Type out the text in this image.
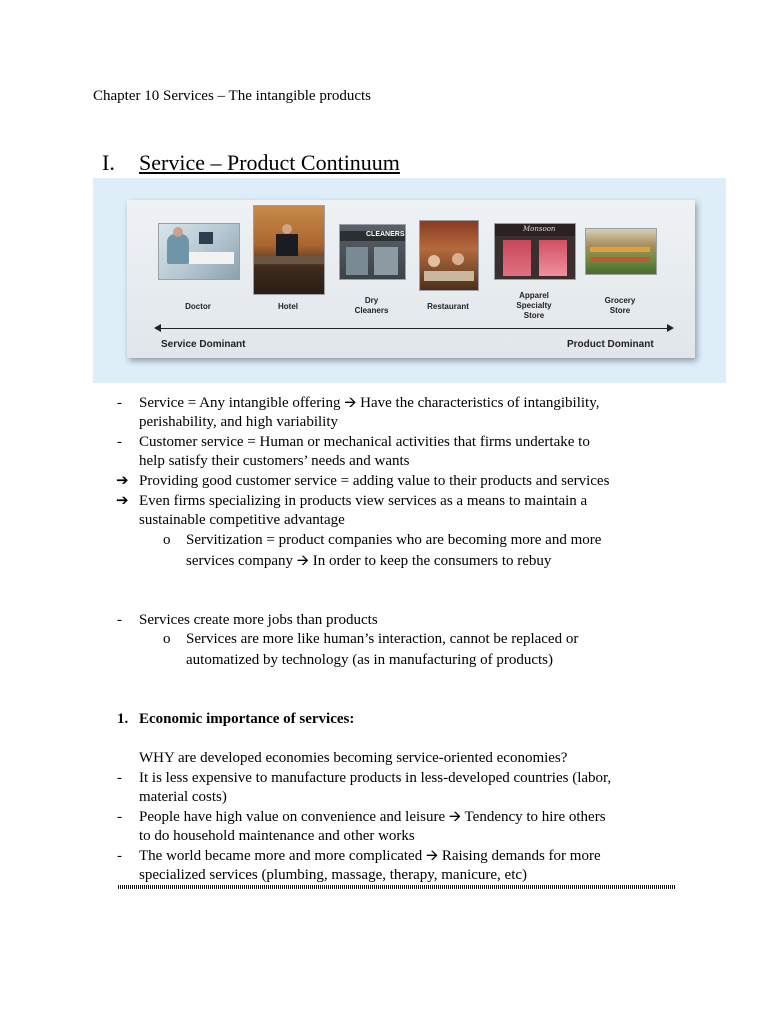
Chapter 10 Services – The intangible products
I. Service – Product Continuum
CLEANERS
Monsoon
Doctor	Hotel
Dry
Cleaners	Restaurant
Apparel
Specialty
Store
Grocery
Store
Service Dominant	Product Dominant
- Service = Any intangible offering 🡪 Have the characteristics of intangibility,
perishability, and high variability
- Customer service = Human or mechanical activities that firms undertake to
help satisfy their customers’ needs and wants
➔ Providing good customer service = adding value to their products and services
➔ Even firms specializing in products view services as a means to maintain a
sustainable competitive advantage
o Servitization = product companies who are becoming more and more
services company 🡪 In order to keep the consumers to rebuy
- Services create more jobs than products
o Services are more like human’s interaction, cannot be replaced or
automatized by technology (as in manufacturing of products)
1. Economic importance of services:
WHY are developed economies becoming service-oriented economies?
- It is less expensive to manufacture products in less-developed countries (labor,
material costs)
- People have high value on convenience and leisure 🡪 Tendency to hire others
to do household maintenance and other works
- The world became more and more complicated 🡪 Raising demands for more
specialized services (plumbing, massage, therapy, manicure, etc)
